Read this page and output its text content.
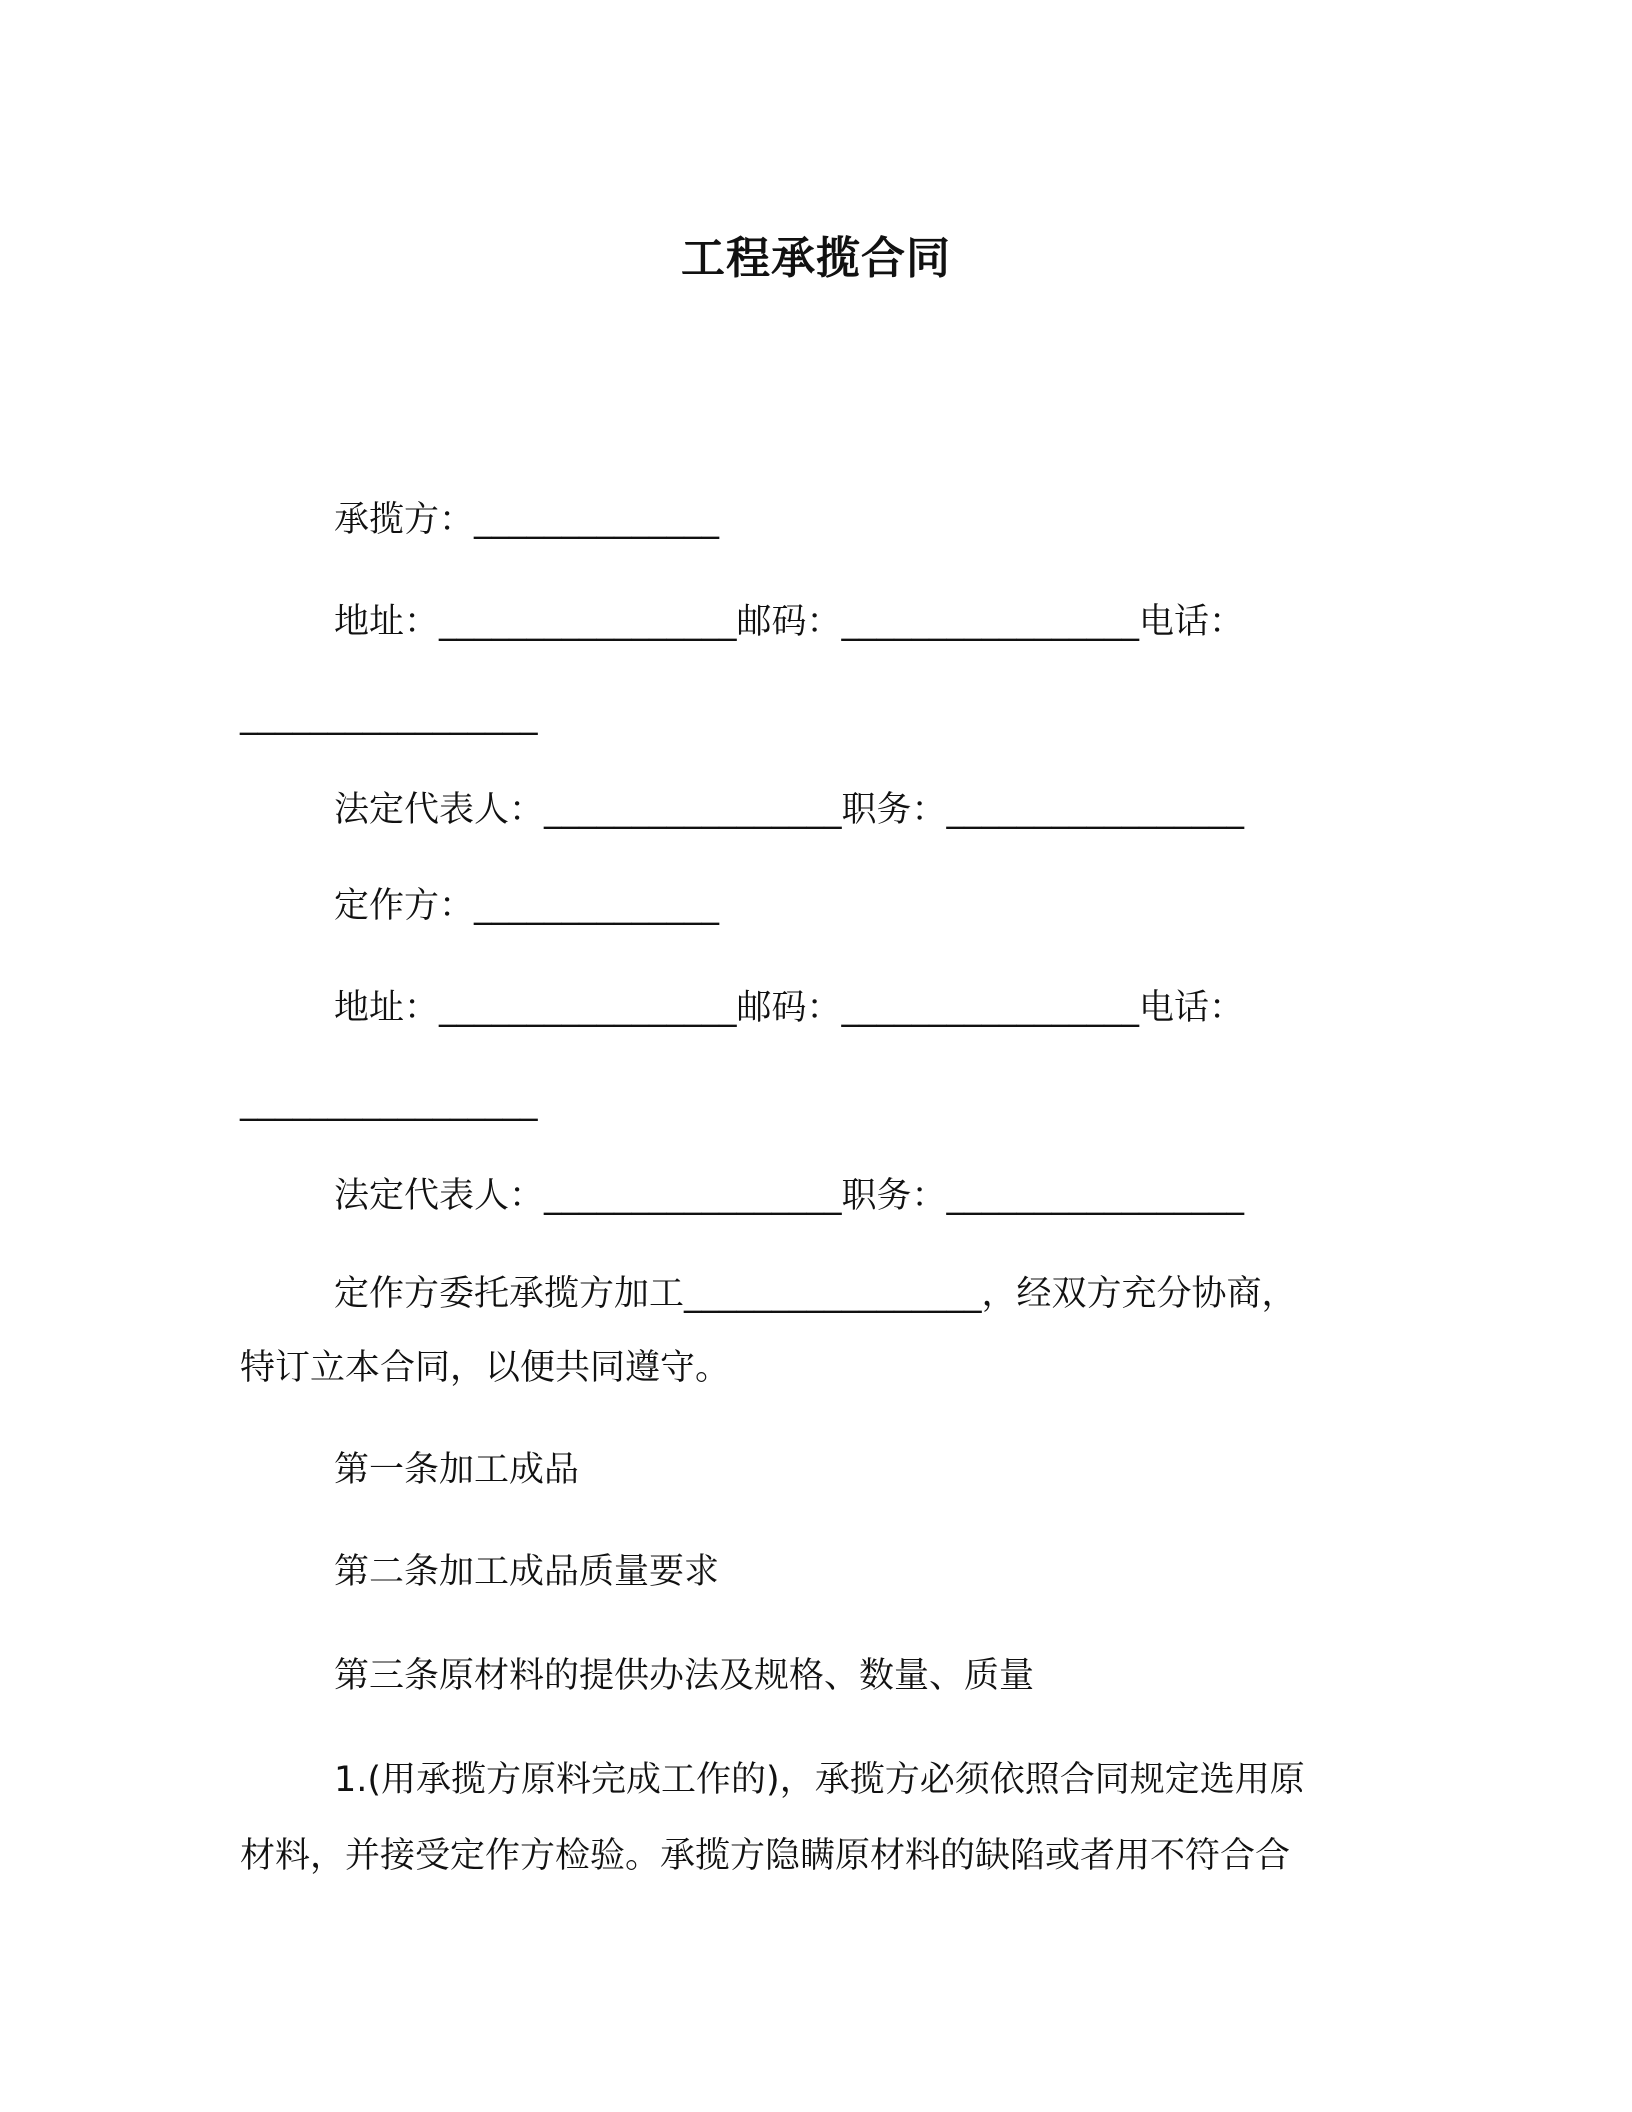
工程承揽合同
承揽方：______________
地址：_________________邮码：_________________电话：
_________________
法定代表人：_________________职务：_________________
定作方：______________
地址：_________________邮码：_________________电话：
_________________
法定代表人：_________________职务：_________________
定作方委托承揽方加工_________________，经双方充分协商，
特订立本合同，以便共同遵守。
第一条加工成品
第二条加工成品质量要求
第三条原材料的提供办法及规格、数量、质量
1.(用承揽方原料完成工作的)，承揽方必须依照合同规定选用原
材料，并接受定作方检验。承揽方隐瞒原材料的缺陷或者用不符合合
